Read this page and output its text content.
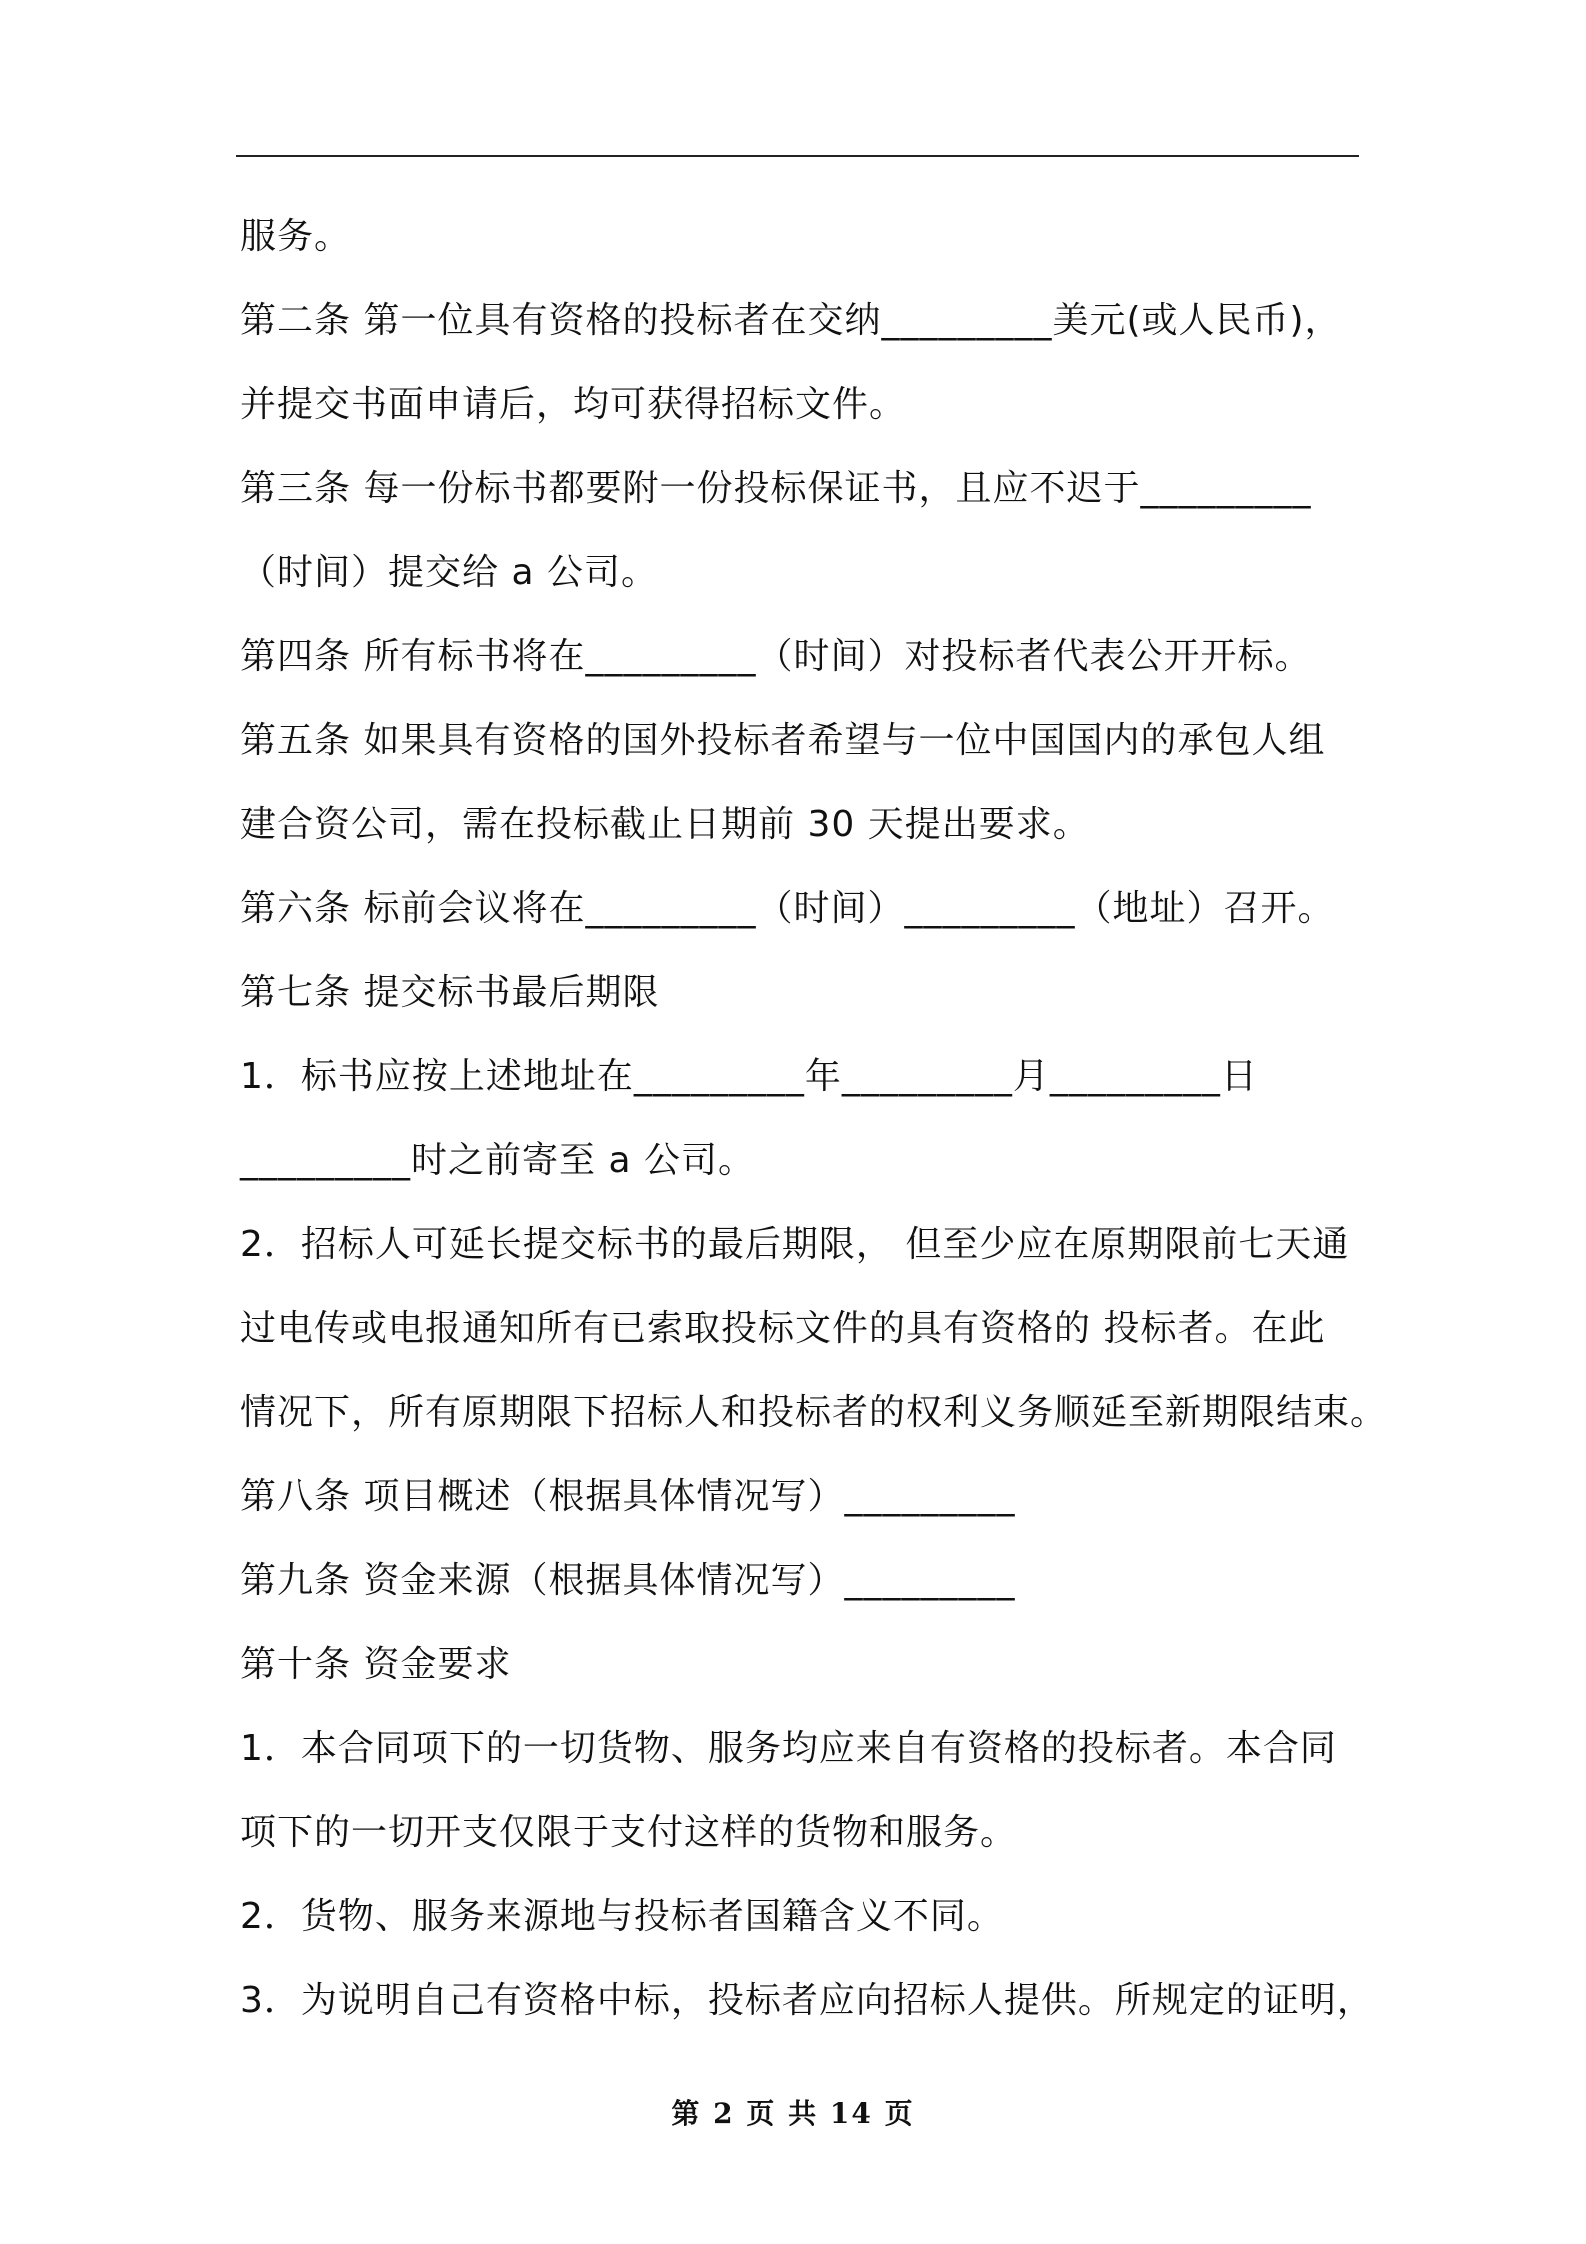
服务。
第二条 第一位具有资格的投标者在交纳_________美元(或人民币)，
并提交书面申请后，均可获得招标文件。
第三条 每一份标书都要附一份投标保证书，且应不迟于_________
（时间）提交给 a 公司。
第四条 所有标书将在_________（时间）对投标者代表公开开标。
第五条 如果具有资格的国外投标者希望与一位中国国内的承包人组
建合资公司，需在投标截止日期前 30 天提出要求。
第六条 标前会议将在_________（时间）_________（地址）召开。
第七条 提交标书最后期限
1．标书应按上述地址在_________年_________月_________日
_________时之前寄至 a 公司。
2．招标人可延长提交标书的最后期限， 但至少应在原期限前七天通
过电传或电报通知所有已索取投标文件的具有资格的 投标者。在此
情况下，所有原期限下招标人和投标者的权利义务顺延至新期限结束。
第八条 项目概述（根据具体情况写）_________
第九条 资金来源（根据具体情况写）_________
第十条 资金要求
1．本合同项下的一切货物、服务均应来自有资格的投标者。本合同
项下的一切开支仅限于支付这样的货物和服务。
2．货物、服务来源地与投标者国籍含义不同。
3．为说明自己有资格中标，投标者应向招标人提供。所规定的证明，
第 2 页 共 14 页
